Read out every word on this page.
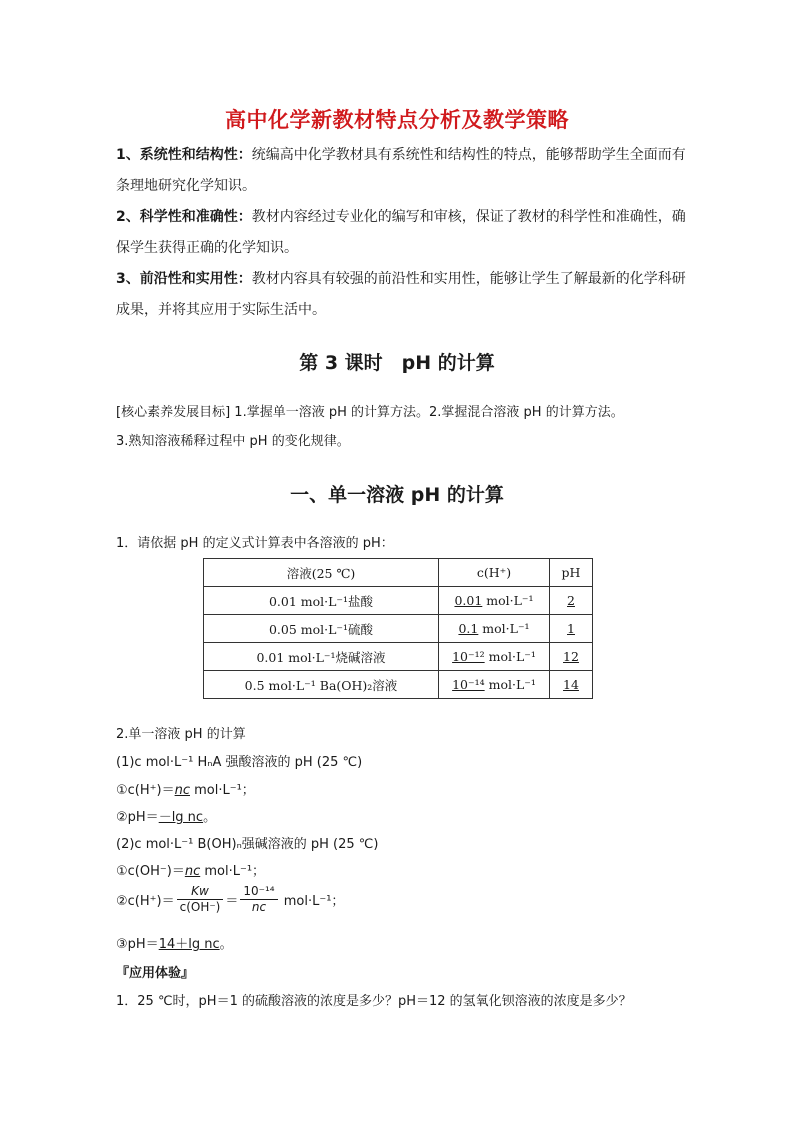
高中化学新教材特点分析及教学策略
1、系统性和结构性：统编高中化学教材具有系统性和结构性的特点，能够帮助学生全面而有条理地研究化学知识。
2、科学性和准确性：教材内容经过专业化的编写和审核，保证了教材的科学性和准确性，确保学生获得正确的化学知识。
3、前沿性和实用性：教材内容具有较强的前沿性和实用性，能够让学生了解最新的化学科研成果，并将其应用于实际生活中。
第 3 课时　pH 的计算
[核心素养发展目标] 1.掌握单一溶液 pH 的计算方法。2.掌握混合溶液 pH 的计算方法。
3.熟知溶液稀释过程中 pH 的变化规律。
一、单一溶液 pH 的计算
1．请依据 pH 的定义式计算表中各溶液的 pH：
溶液(25 ℃)	c(H⁺)	pH
0.01 mol·L⁻¹盐酸	0.01 mol·L⁻¹	2
0.05 mol·L⁻¹硫酸	0.1 mol·L⁻¹	1
0.01 mol·L⁻¹烧碱溶液	10⁻¹² mol·L⁻¹	12
0.5 mol·L⁻¹ Ba(OH)₂溶液	10⁻¹⁴ mol·L⁻¹	14
2.单一溶液 pH 的计算
(1)c mol·L⁻¹ HₙA 强酸溶液的 pH (25 ℃)
①c(H⁺)＝nc mol·L⁻¹；
②pH＝－lg nc。
(2)c mol·L⁻¹ B(OH)ₙ强碱溶液的 pH (25 ℃)
①c(OH⁻)＝nc mol·L⁻¹；
②c(H⁺)＝ $\frac{Kw}{c(OH^-)} = \frac{\text{10⁻¹⁴}}{nc} mol\cdot L^{-1}$；
③pH＝14＋lg nc。
『应用体验』
1．25 ℃时，pH＝1 的硫酸溶液的浓度是多少？pH＝12 的氢氧化钡溶液的浓度是多少？
